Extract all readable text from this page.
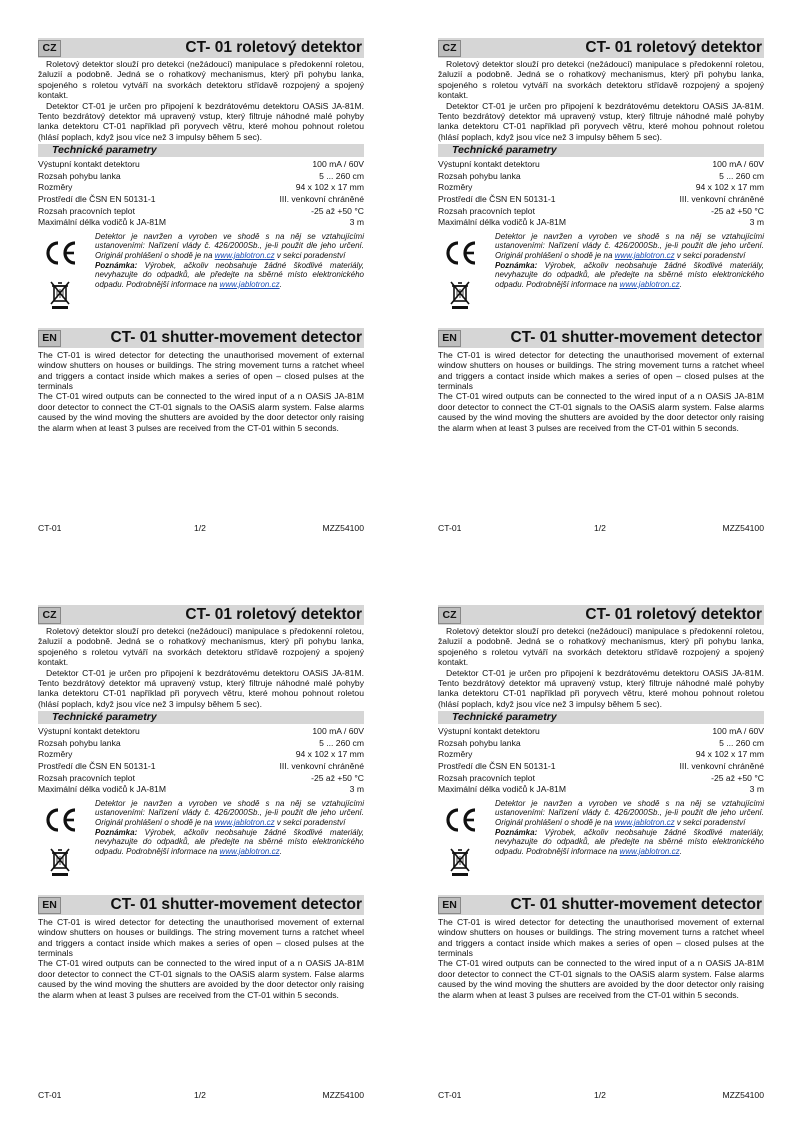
CZ	CT- 01 roletový detektor

Roletový detektor slouží pro detekci (nežádoucí) manipulace s předokenní roletou, žaluzií a podobně. Jedná se o rohatkový mechanismus, který při pohybu lanka, spojeného s roletou vytváří na svorkách detektoru střídavě rozpojený a spojený kontakt.

Detektor CT-01 je určen pro připojení k bezdrátovému detektoru OASiS JA-81M. Tento bezdrátový detektor má upravený vstup, který filtruje náhodné malé pohyby lanka detektoru CT-01 například při poryvech větru, které mohou pohnout roletou (hlásí poplach, když jsou více než 3 impulsy během 5 sec).

Technické parametry
Výstupní kontakt detektoru	100 mA / 60V
Rozsah pohybu lanka	5 ... 260 cm
Rozměry	94 x 102 x 17 mm
Prostředí dle ČSN EN 50131-1	III. venkovní chráněné
Rozsah pracovních teplot	-25 až +50 °C
Maximální délka vodičů k JA-81M	3 m
Detektor je navržen a vyroben ve shodě s na něj se vztahujícími ustanoveními: Nařízení vlády č. 426/2000Sb., je-li použit dle jeho určení. Originál prohlášení o shodě je na www.jablotron.cz v sekci poradenství
Poznámka: Výrobek, ačkoliv neobsahuje žádné škodlivé materiály, nevyhazujte do odpadků, ale předejte na sběrné místo elektronického odpadu. Podrobnější informace na www.jablotron.cz.
EN	CT- 01 shutter-movement detector

The CT-01 is wired detector for detecting the unauthorised movement of external window shutters on houses or buildings. The string movement turns a ratchet wheel and triggers a contact inside which makes a series of open – closed pulses at the terminals

The CT-01 wired outputs can be connected to the wired input of a n OASiS JA-81M door detector to connect the CT-01 signals to the OASiS alarm system. False alarms caused by the wind moving the shutters are avoided by the door detector only raising the alarm when at least 3 pulses are received from the CT-01 within 5 seconds.

CT-01	1/2	MZZ54100
CZ	CT- 01 roletový detektor

Roletový detektor slouží pro detekci (nežádoucí) manipulace s předokenní roletou, žaluzií a podobně. Jedná se o rohatkový mechanismus, který při pohybu lanka, spojeného s roletou vytváří na svorkách detektoru střídavě rozpojený a spojený kontakt.

Detektor CT-01 je určen pro připojení k bezdrátovému detektoru OASiS JA-81M. Tento bezdrátový detektor má upravený vstup, který filtruje náhodné malé pohyby lanka detektoru CT-01 například při poryvech větru, které mohou pohnout roletou (hlásí poplach, když jsou více než 3 impulsy během 5 sec).

Technické parametry
Výstupní kontakt detektoru	100 mA / 60V
Rozsah pohybu lanka	5 ... 260 cm
Rozměry	94 x 102 x 17 mm
Prostředí dle ČSN EN 50131-1	III. venkovní chráněné
Rozsah pracovních teplot	-25 až +50 °C
Maximální délka vodičů k JA-81M	3 m
Detektor je navržen a vyroben ve shodě s na něj se vztahujícími ustanoveními: Nařízení vlády č. 426/2000Sb., je-li použit dle jeho určení. Originál prohlášení o shodě je na www.jablotron.cz v sekci poradenství
Poznámka: Výrobek, ačkoliv neobsahuje žádné škodlivé materiály, nevyhazujte do odpadků, ale předejte na sběrné místo elektronického odpadu. Podrobnější informace na www.jablotron.cz.
EN	CT- 01 shutter-movement detector

The CT-01 is wired detector for detecting the unauthorised movement of external window shutters on houses or buildings. The string movement turns a ratchet wheel and triggers a contact inside which makes a series of open – closed pulses at the terminals

The CT-01 wired outputs can be connected to the wired input of a n OASiS JA-81M door detector to connect the CT-01 signals to the OASiS alarm system. False alarms caused by the wind moving the shutters are avoided by the door detector only raising the alarm when at least 3 pulses are received from the CT-01 within 5 seconds.

CT-01	1/2	MZZ54100
CZ	CT- 01 roletový detektor

Roletový detektor slouží pro detekci (nežádoucí) manipulace s předokenní roletou, žaluzií a podobně. Jedná se o rohatkový mechanismus, který při pohybu lanka, spojeného s roletou vytváří na svorkách detektoru střídavě rozpojený a spojený kontakt.

Detektor CT-01 je určen pro připojení k bezdrátovému detektoru OASiS JA-81M. Tento bezdrátový detektor má upravený vstup, který filtruje náhodné malé pohyby lanka detektoru CT-01 například při poryvech větru, které mohou pohnout roletou (hlásí poplach, když jsou více než 3 impulsy během 5 sec).

Technické parametry
Výstupní kontakt detektoru	100 mA / 60V
Rozsah pohybu lanka	5 ... 260 cm
Rozměry	94 x 102 x 17 mm
Prostředí dle ČSN EN 50131-1	III. venkovní chráněné
Rozsah pracovních teplot	-25 až +50 °C
Maximální délka vodičů k JA-81M	3 m
Detektor je navržen a vyroben ve shodě s na něj se vztahujícími ustanoveními: Nařízení vlády č. 426/2000Sb., je-li použit dle jeho určení. Originál prohlášení o shodě je na www.jablotron.cz v sekci poradenství
Poznámka: Výrobek, ačkoliv neobsahuje žádné škodlivé materiály, nevyhazujte do odpadků, ale předejte na sběrné místo elektronického odpadu. Podrobnější informace na www.jablotron.cz.
EN	CT- 01 shutter-movement detector

The CT-01 is wired detector for detecting the unauthorised movement of external window shutters on houses or buildings. The string movement turns a ratchet wheel and triggers a contact inside which makes a series of open – closed pulses at the terminals

The CT-01 wired outputs can be connected to the wired input of a n OASiS JA-81M door detector to connect the CT-01 signals to the OASiS alarm system. False alarms caused by the wind moving the shutters are avoided by the door detector only raising the alarm when at least 3 pulses are received from the CT-01 within 5 seconds.

CT-01	1/2	MZZ54100
CZ	CT- 01 roletový detektor

Roletový detektor slouží pro detekci (nežádoucí) manipulace s předokenní roletou, žaluzií a podobně. Jedná se o rohatkový mechanismus, který při pohybu lanka, spojeného s roletou vytváří na svorkách detektoru střídavě rozpojený a spojený kontakt.

Detektor CT-01 je určen pro připojení k bezdrátovému detektoru OASiS JA-81M. Tento bezdrátový detektor má upravený vstup, který filtruje náhodné malé pohyby lanka detektoru CT-01 například při poryvech větru, které mohou pohnout roletou (hlásí poplach, když jsou více než 3 impulsy během 5 sec).

Technické parametry
Výstupní kontakt detektoru	100 mA / 60V
Rozsah pohybu lanka	5 ... 260 cm
Rozměry	94 x 102 x 17 mm
Prostředí dle ČSN EN 50131-1	III. venkovní chráněné
Rozsah pracovních teplot	-25 až +50 °C
Maximální délka vodičů k JA-81M	3 m
Detektor je navržen a vyroben ve shodě s na něj se vztahujícími ustanoveními: Nařízení vlády č. 426/2000Sb., je-li použit dle jeho určení. Originál prohlášení o shodě je na www.jablotron.cz v sekci poradenství
Poznámka: Výrobek, ačkoliv neobsahuje žádné škodlivé materiály, nevyhazujte do odpadků, ale předejte na sběrné místo elektronického odpadu. Podrobnější informace na www.jablotron.cz.
EN	CT- 01 shutter-movement detector

The CT-01 is wired detector for detecting the unauthorised movement of external window shutters on houses or buildings. The string movement turns a ratchet wheel and triggers a contact inside which makes a series of open – closed pulses at the terminals

The CT-01 wired outputs can be connected to the wired input of a n OASiS JA-81M door detector to connect the CT-01 signals to the OASiS alarm system. False alarms caused by the wind moving the shutters are avoided by the door detector only raising the alarm when at least 3 pulses are received from the CT-01 within 5 seconds.

CT-01	1/2	MZZ54100
